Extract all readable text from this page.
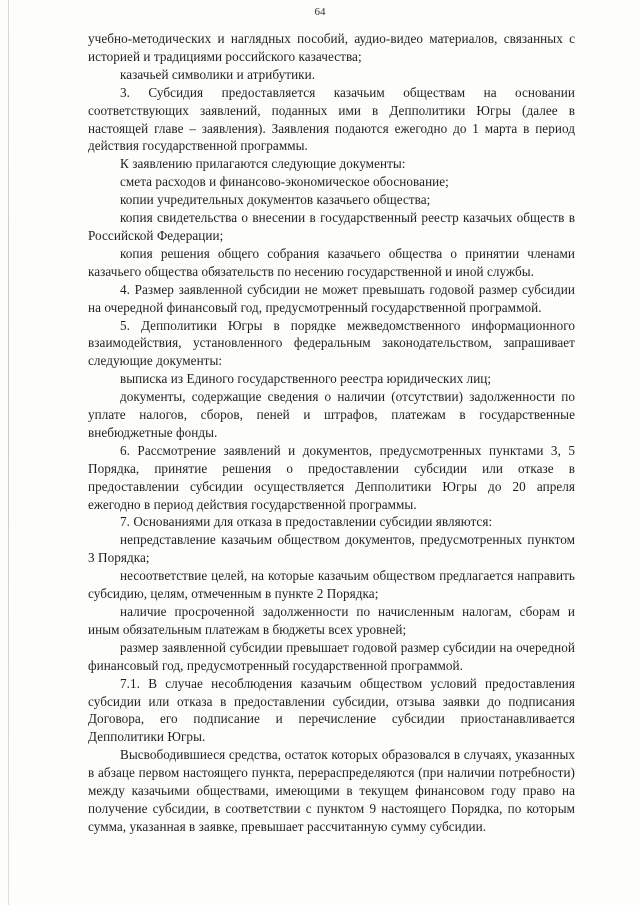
64

учебно-методических и наглядных пособий, аудио-видео материалов, связанных с историей и традициями российского казачества;

казачьей символики и атрибутики.

3. Субсидия предоставляется казачьим обществам на основании соответствующих заявлений, поданных ими в Депполитики Югры (далее в настоящей главе – заявления). Заявления подаются ежегодно до 1 марта в период действия государственной программы.

К заявлению прилагаются следующие документы:

смета расходов и финансово-экономическое обоснование;

копии учредительных документов казачьего общества;

копия свидетельства о внесении в государственный реестр казачьих обществ в Российской Федерации;

копия решения общего собрания казачьего общества о принятии членами казачьего общества обязательств по несению государственной и иной службы.

4. Размер заявленной субсидии не может превышать годовой размер субсидии на очередной финансовый год, предусмотренный государственной программой.

5. Депполитики Югры в порядке межведомственного информационного взаимодействия, установленного федеральным законодательством, запрашивает следующие документы:

выписка из Единого государственного реестра юридических лиц;

документы, содержащие сведения о наличии (отсутствии) задолженности по уплате налогов, сборов, пеней и штрафов, платежам в государственные внебюджетные фонды.

6. Рассмотрение заявлений и документов, предусмотренных пунктами 3, 5 Порядка, принятие решения о предоставлении субсидии или отказе в предоставлении субсидии осуществляется Депполитики Югры до 20 апреля ежегодно в период действия государственной программы.

7. Основаниями для отказа в предоставлении субсидии являются:

непредставление казачьим обществом документов, предусмотренных пунктом 3 Порядка;

несоответствие целей, на которые казачьим обществом предлагается направить субсидию, целям, отмеченным в пункте 2 Порядка;

наличие просроченной задолженности по начисленным налогам, сборам и иным обязательным платежам в бюджеты всех уровней;

размер заявленной субсидии превышает годовой размер субсидии на очередной финансовый год, предусмотренный государственной программой.

7.1. В случае несоблюдения казачьим обществом условий предоставления субсидии или отказа в предоставлении субсидии, отзыва заявки до подписания Договора, его подписание и перечисление субсидии приостанавливается Депполитики Югры.

Высвободившиеся средства, остаток которых образовался в случаях, указанных в абзаце первом настоящего пункта, перераспределяются (при наличии потребности) между казачьими обществами, имеющими в текущем финансовом году право на получение субсидии, в соответствии с пунктом 9 настоящего Порядка, по которым сумма, указанная в заявке, превышает рассчитанную сумму субсидии.
